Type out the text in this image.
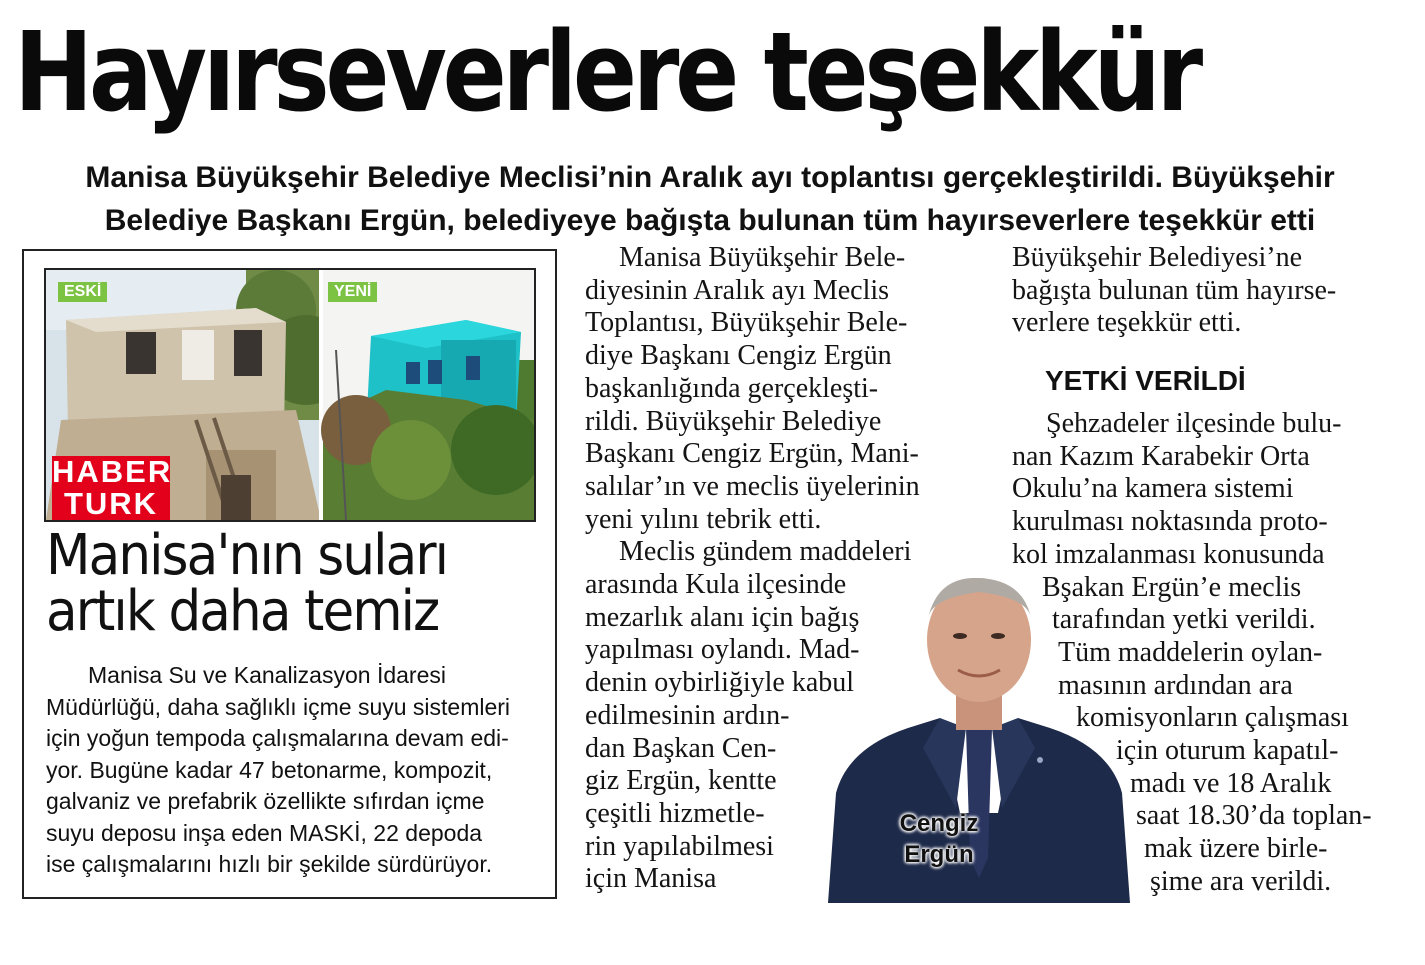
Hayırseverlere teşekkür
Manisa Büyükşehir Belediye Meclisi’nin Aralık ayı toplantısı gerçekleştirildi. Büyükşehir
Belediye Başkanı Ergün, belediyeye bağışta bulunan tüm hayırseverlere teşekkür etti
ESKİ	YENİ
HABER
TURK
Manisa'nın suları
artık daha temiz
Manisa Su ve Kanalizasyon İdaresi
Müdürlüğü, daha sağlıklı içme suyu sistemleri
için yoğun tempoda çalışmalarına devam edi-
yor. Bugüne kadar 47 betonarme, kompozit,
galvaniz ve prefabrik özellikte sıfırdan içme
suyu deposu inşa eden MASKİ, 22 depoda
ise çalışmalarını hızlı bir şekilde sürdürüyor.
Manisa Büyükşehir Bele-
diyesinin Aralık ayı Meclis
Toplantısı, Büyükşehir Bele-
diye Başkanı Cengiz Ergün
başkanlığında gerçekleşti-
rildi. Büyükşehir Belediye
Başkanı Cengiz Ergün, Mani-
salılar’ın ve meclis üyelerinin
yeni yılını tebrik etti.
Meclis gündem maddeleri
arasında Kula ilçesinde
mezarlık alanı için bağış
yapılması oylandı. Mad-
denin oybirliğiyle kabul
edilmesinin ardın-
dan Başkan Cen-
giz Ergün, kentte
çeşitli hizmetle-
rin yapılabilmesi
için Manisa
Büyükşehir Belediyesi’ne
bağışta bulunan tüm hayırse-
verlere teşekkür etti.
YETKİ VERİLDİ
Cengiz
Ergün
Şehzadeler ilçesinde bulu-
nan Kazım Karabekir Orta
Okulu’na kamera sistemi
kurulması noktasında proto-
kol imzalanması konusunda
Bşakan Ergün’e meclis
tarafından yetki verildi.
Tüm maddelerin oylan-
masının ardından ara
komisyonların çalışması
için oturum kapatıl-
madı ve 18 Aralık
saat 18.30’da toplan-
mak üzere birle-
şime ara verildi.
